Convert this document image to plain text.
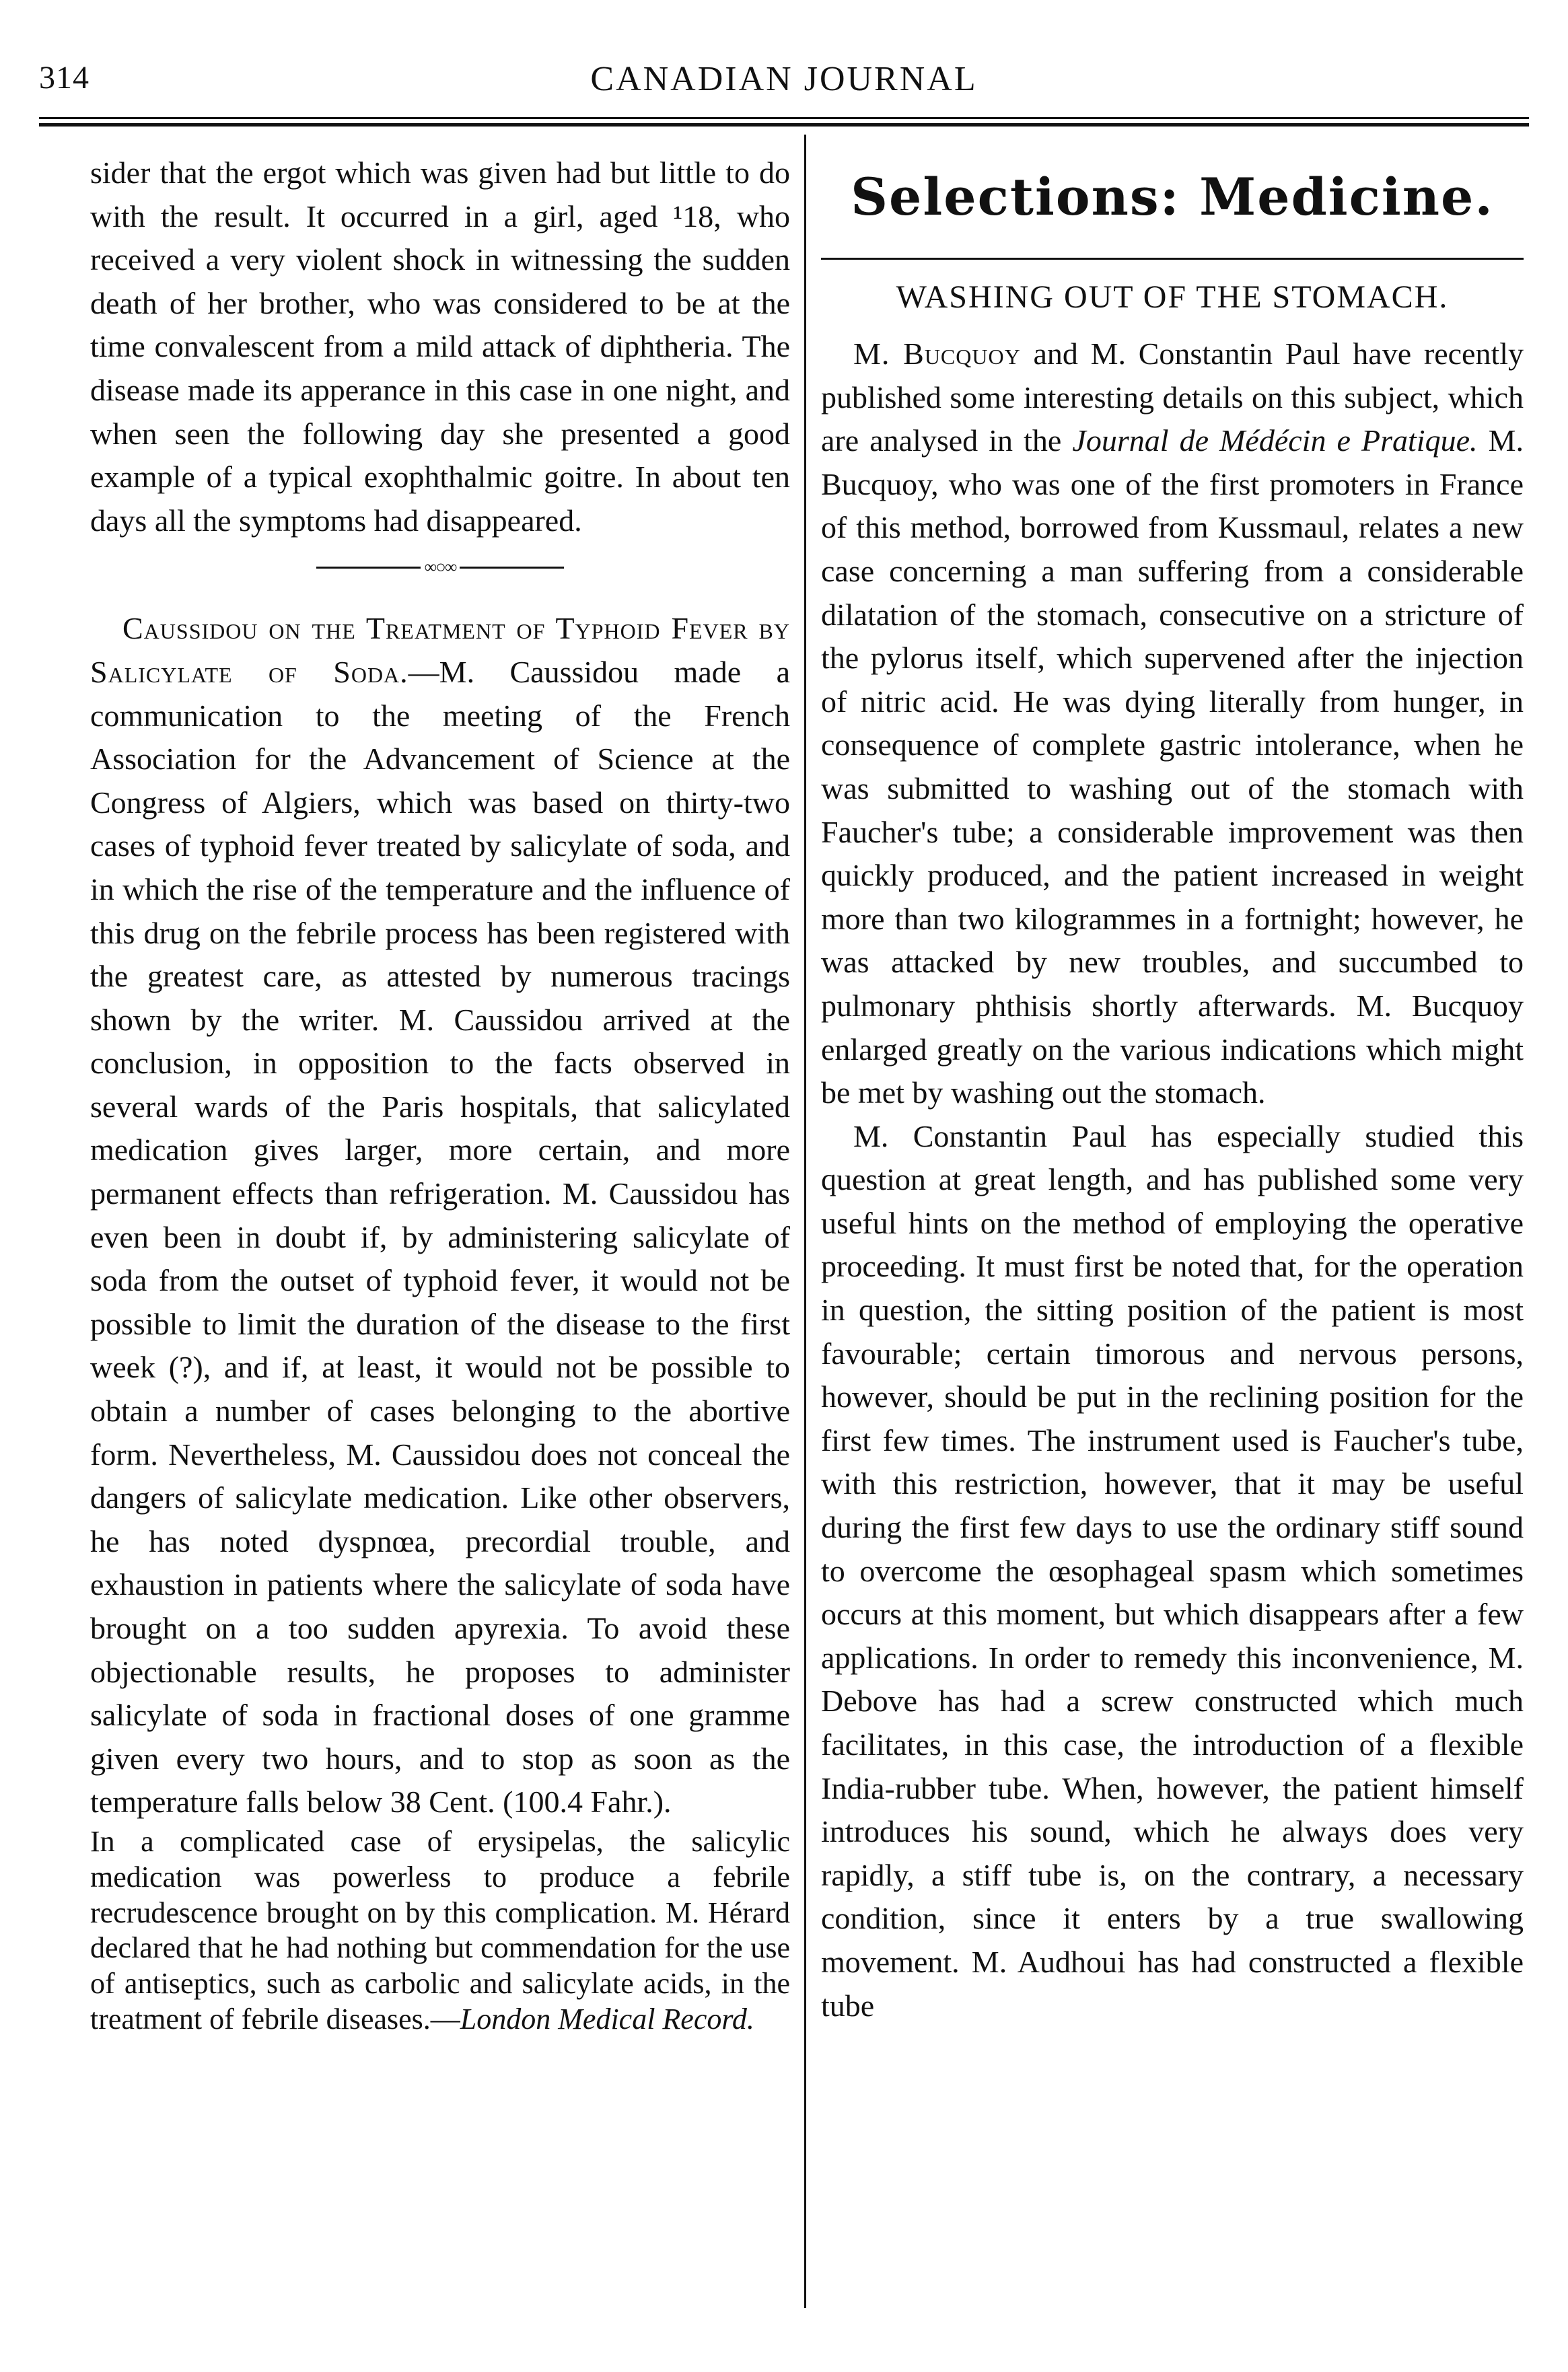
314	CANADIAN JOURNAL

sider that the ergot which was given had but little to do with the result. It occurred in a girl, aged ¹18, who received a very violent shock in witnessing the sudden death of her brother, who was considered to be at the time convalescent from a mild attack of diphtheria. The disease made its apperance in this case in one night, and when seen the following day she presented a good example of a typical exophthalmic goitre. In about ten days all the symptoms had disappeared.

∞○∞

Caussidou on the Treatment of Typhoid Fever by Salicylate of Soda.—M. Caussidou made a communication to the meeting of the French Association for the Advancement of Science at the Congress of Algiers, which was based on thirty-two cases of typhoid fever treated by salicylate of soda, and in which the rise of the temperature and the influence of this drug on the febrile process has been registered with the greatest care, as attested by numerous tracings shown by the writer. M. Caussidou arrived at the conclusion, in opposition to the facts observed in several wards of the Paris hospitals, that salicylated medication gives larger, more certain, and more permanent effects than refrigeration. M. Caussidou has even been in doubt if, by administering salicylate of soda from the outset of typhoid fever, it would not be possible to limit the duration of the disease to the first week (?), and if, at least, it would not be possible to obtain a number of cases belonging to the abortive form. Nevertheless, M. Caussidou does not conceal the dangers of salicylate medication. Like other observers, he has noted dyspnœa, precordial trouble, and exhaustion in patients where the salicylate of soda have brought on a too sudden apyrexia. To avoid these objectionable results, he proposes to administer salicylate of soda in fractional doses of one gramme given every two hours, and to stop as soon as the temperature falls below 38 Cent. (100.4 Fahr.).

In a complicated case of erysipelas, the salicylic medication was powerless to produce a febrile recrudescence brought on by this complication. M. Hérard declared that he had nothing but commendation for the use of antiseptics, such as carbolic and salicylate acids, in the treatment of febrile diseases.—London Medical Record.

Selections: Medicine.
WASHING OUT OF THE STOMACH.

M. Bucquoy and M. Constantin Paul have recently published some interesting details on this subject, which are analysed in the Journal de Médécin e Pratique. M. Bucquoy, who was one of the first promoters in France of this method, borrowed from Kussmaul, relates a new case concerning a man suffering from a considerable dilatation of the stomach, consecutive on a stricture of the pylorus itself, which supervened after the injection of nitric acid. He was dying literally from hunger, in consequence of complete gastric intolerance, when he was submitted to washing out of the stomach with Faucher's tube; a considerable improvement was then quickly produced, and the patient increased in weight more than two kilogrammes in a fortnight; however, he was attacked by new troubles, and succumbed to pulmonary phthisis shortly afterwards. M. Bucquoy enlarged greatly on the various indications which might be met by washing out the stomach.

M. Constantin Paul has especially studied this question at great length, and has published some very useful hints on the method of employing the operative proceeding. It must first be noted that, for the operation in question, the sitting position of the patient is most favourable; certain timorous and nervous persons, however, should be put in the reclining position for the first few times. The instrument used is Faucher's tube, with this restriction, however, that it may be useful during the first few days to use the ordinary stiff sound to overcome the œsophageal spasm which sometimes occurs at this moment, but which disappears after a few applications. In order to remedy this inconvenience, M. Debove has had a screw constructed which much facilitates, in this case, the introduction of a flexible India-rubber tube. When, however, the patient himself introduces his sound, which he always does very rapidly, a stiff tube is, on the contrary, a necessary condition, since it enters by a true swallowing movement. M. Audhoui has had constructed a flexible tube
